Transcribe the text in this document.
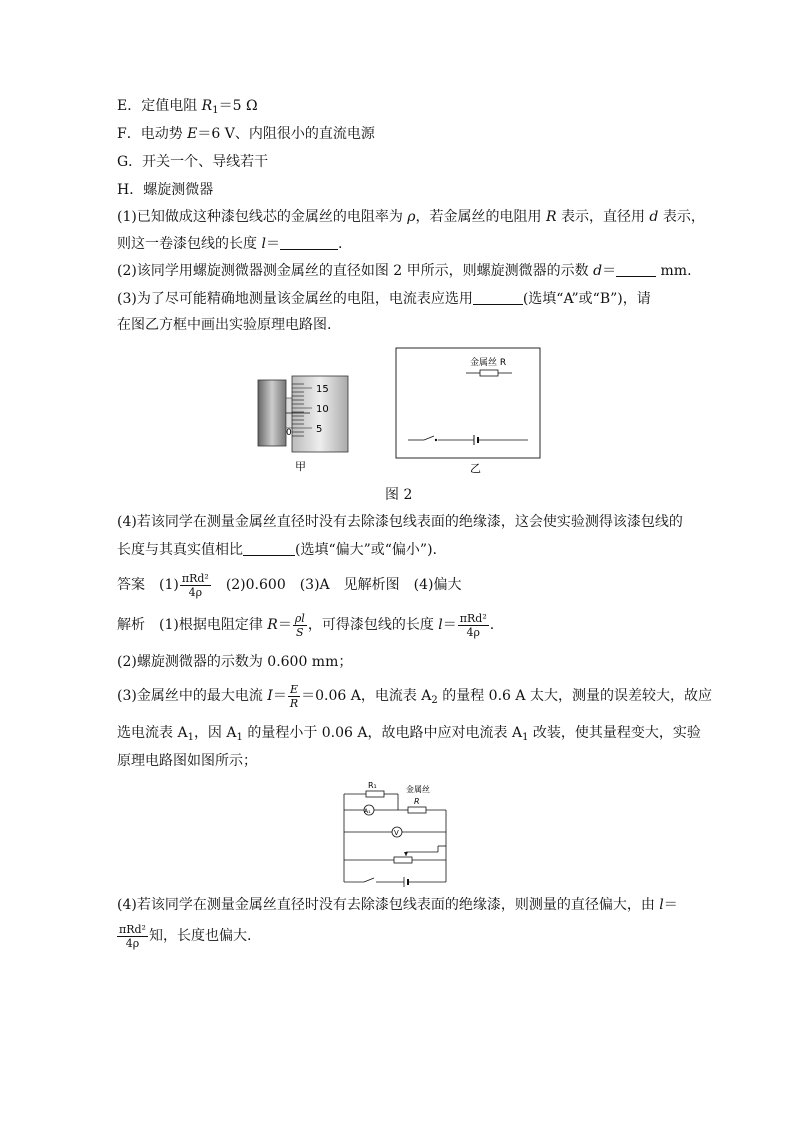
E．定值电阻 $R_1=5$ Ω
F．电动势 E＝6 V、内阻很小的直流电源
G．开关一个、导线若干
H．螺旋测微器
(1)已知做成这种漆包线芯的金属丝的电阻率为 ρ，若金属丝的电阻用 R 表示，直径用 d 表示，
则这一卷漆包线的长度 l＝	.
(2)该同学用螺旋测微器测金属丝的直径如图 2 甲所示，则螺旋测微器的示数 d＝	mm.
(3)为了尽可能精确地测量该金属丝的电阻，电流表应选用	(选填“A”或“B”)，请
在图乙方框中画出实验原理电路图.
15
10
5
0
甲
金属丝 R
乙
图 2
(4)若该同学在测量金属丝直径时没有去除漆包线表面的绝缘漆，这会使实验测得该漆包线的
长度与其真实值相比	(选填“偏大”或“偏小”).
答案　 $(1) \frac{\text{πRd²}}{4\rho}$
　 (2)0.600　(3)A　见解析图　(4)偏大
解析　 (1)根据电阻定律 $R= \frac{\rho l}{S}$ ，可得漆包线的长度 $l= \frac{\text{πRd²}}{4\rho}$ .
(2)螺旋测微器的示数为 0.600 mm；
(3)金属丝中的最大电流 $I= \frac{E}{R} =0.06$ A，电流表 $A_2$ 的量程 0.6 A 太大，测量的误差较大，故应
选电流表 $A_1$，因 $A_1$ 的量程小于 0.06 A，故电路中应对电流表 $A_1$ 改装，使其量程变大，实验
原理电路图如图所示；
R₁	金属丝
R
A₁
V
(4)若该同学在测量金属丝直径时没有去除漆包线表面的绝缘漆，则测量的直径偏大，由 l＝
$\frac{\text{πRd²}}{4\rho}$ 知，长度也偏大.
